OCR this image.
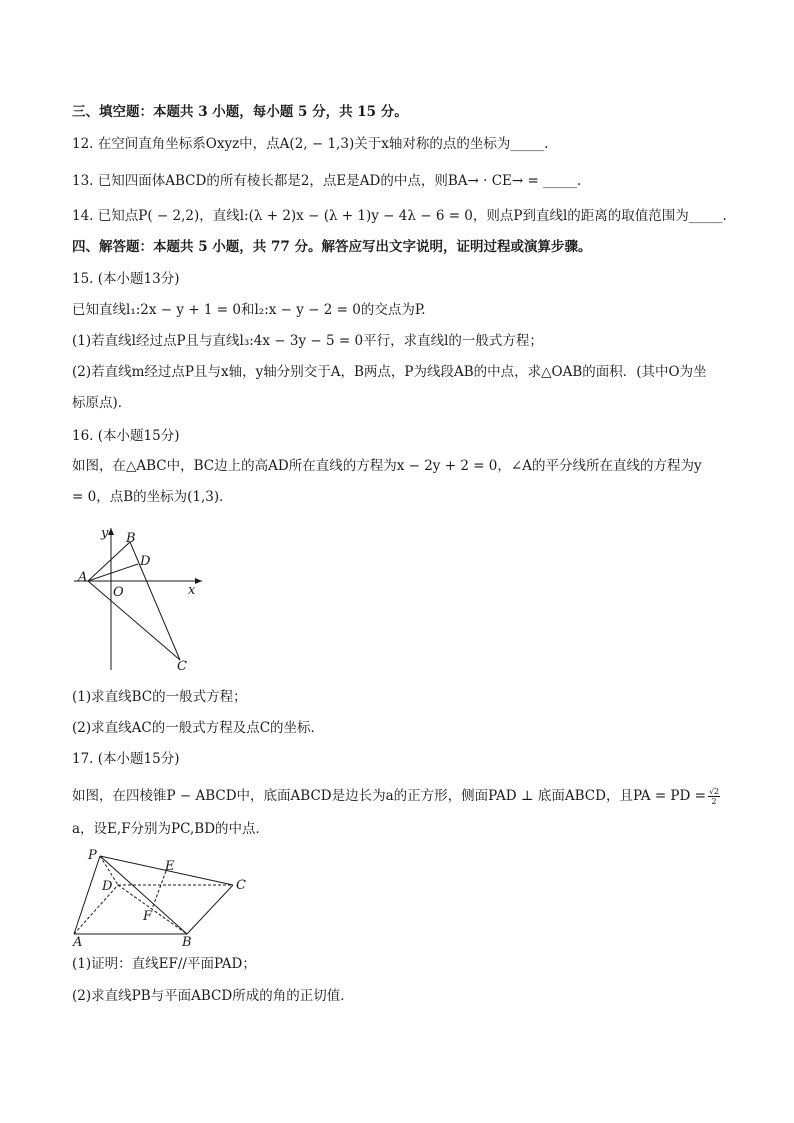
三、填空题：本题共 3 小题，每小题 5 分，共 15 分。
12. 在空间直角坐标系Oxyz中，点A(2, − 1,3)关于x轴对称的点的坐标为_____.
13. 已知四面体ABCD的所有棱长都是2，点E是AD的中点，则BA→ · CE→ = _____.
14. 已知点P( − 2,2)，直线l:(λ + 2)x − (λ + 1)y − 4λ − 6 = 0，则点P到直线l的距离的取值范围为_____.
四、解答题：本题共 5 小题，共 77 分。解答应写出文字说明，证明过程或演算步骤。
15. (本小题13分)
已知直线l₁:2x − y + 1 = 0和l₂:x − y − 2 = 0的交点为P.
(1)若直线l经过点P且与直线l₃:4x − 3y − 5 = 0平行，求直线l的一般式方程；
(2)若直线m经过点P且与x轴，y轴分别交于A，B两点，P为线段AB的中点，求△OAB的面积．(其中O为坐
标原点)．
16. (本小题15分)
如图，在△ABC中，BC边上的高AD所在直线的方程为x − 2y + 2 = 0，∠A的平分线所在直线的方程为y
= 0，点B的坐标为(1,3)．
y
x
B
D
A
O
C
(1)求直线BC的一般式方程；
(2)求直线AC的一般式方程及点C的坐标．
17. (本小题15分)
如图，在四棱锥P − ABCD中，底面ABCD是边长为a的正方形，侧面PAD ⊥ 底面ABCD，且PA = PD = $\frac{√2}{2}$
a，设E,F分别为PC,BD的中点．
P
E
D	C
F
A	B
(1)证明：直线EF//平面PAD；
(2)求直线PB与平面ABCD所成的角的正切值．
